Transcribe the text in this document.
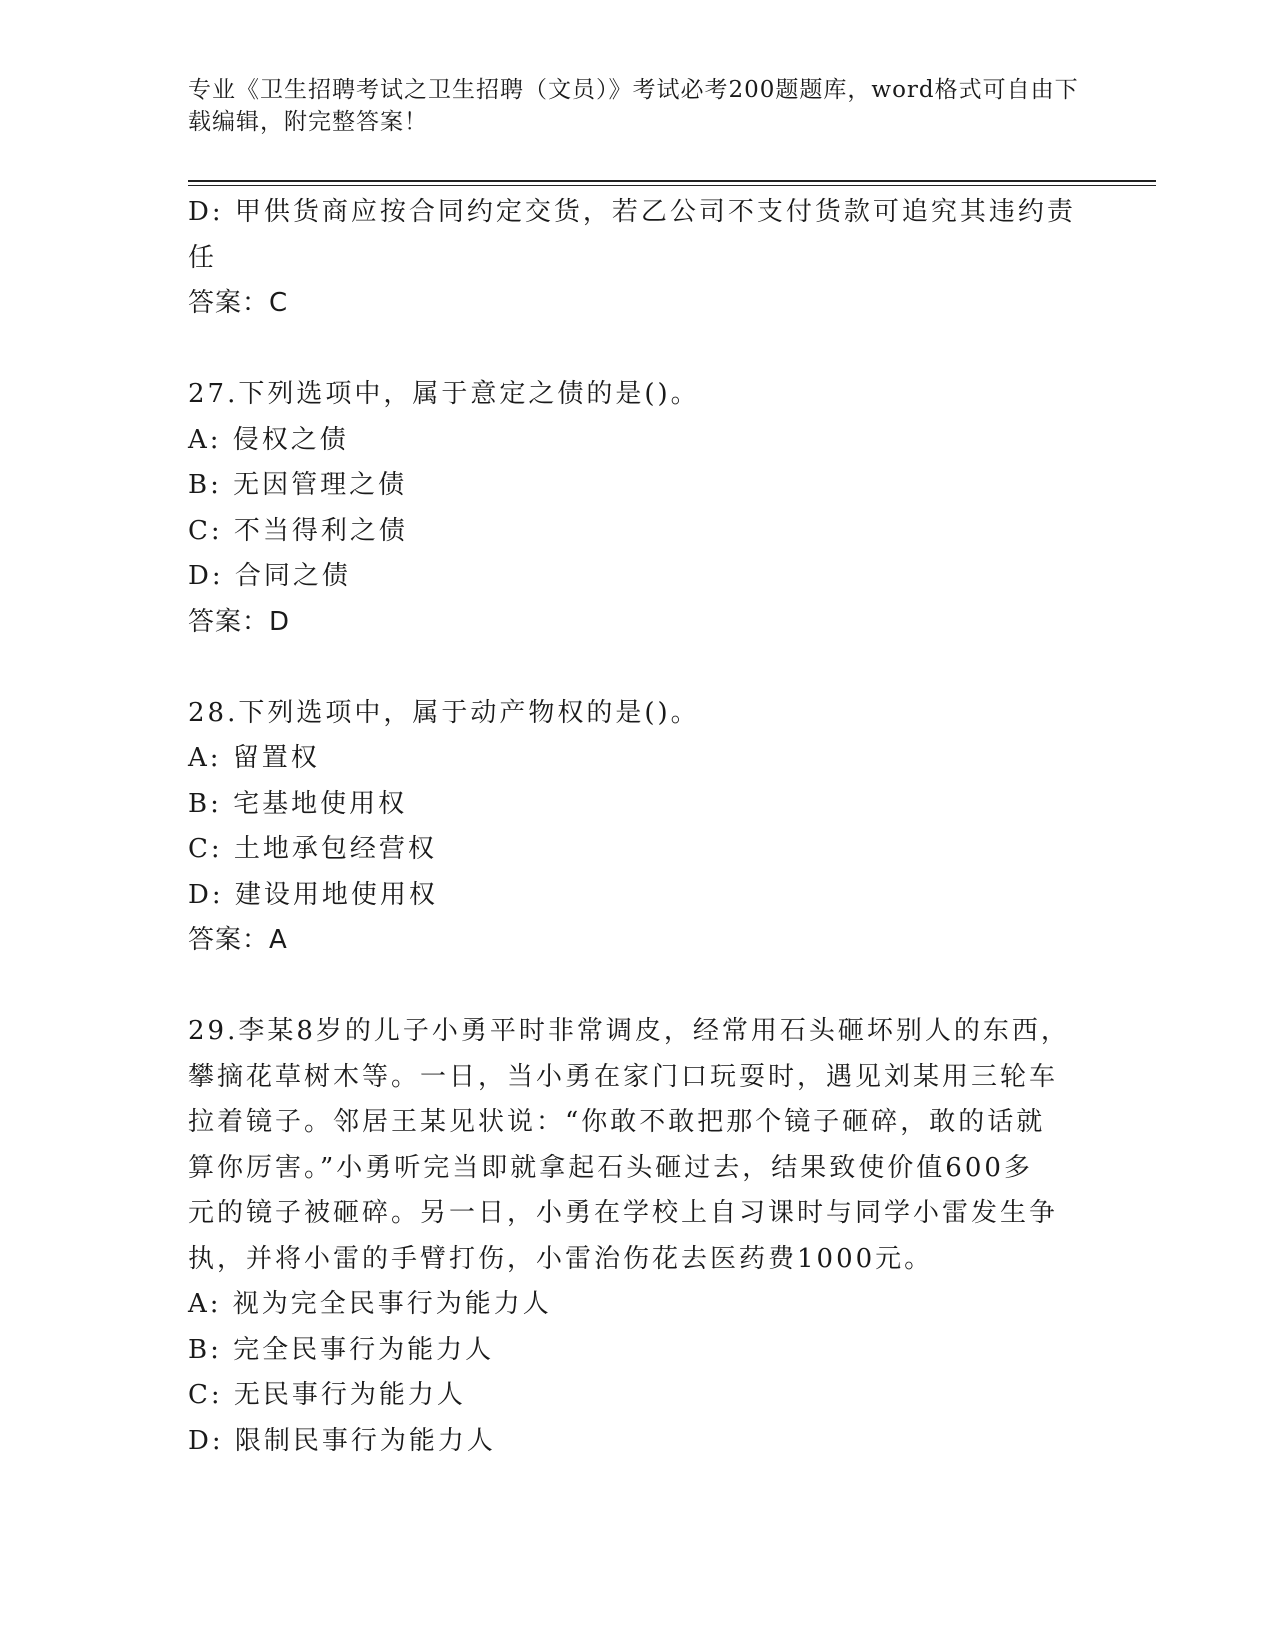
专业《卫生招聘考试之卫生招聘（文员）》考试必考200题题库，word格式可自由下载编辑，附完整答案！
D: 甲供货商应按合同约定交货，若乙公司不支付货款可追究其违约责
任
答案：C
27.下列选项中，属于意定之债的是()。
A: 侵权之债
B: 无因管理之债
C: 不当得利之债
D: 合同之债
答案：D
28.下列选项中，属于动产物权的是()。
A: 留置权
B: 宅基地使用权
C: 土地承包经营权
D: 建设用地使用权
答案：A
29.李某8岁的儿子小勇平时非常调皮，经常用石头砸坏别人的东西，
攀摘花草树木等。一日，当小勇在家门口玩耍时，遇见刘某用三轮车
拉着镜子。邻居王某见状说：“你敢不敢把那个镜子砸碎，敢的话就
算你厉害。”小勇听完当即就拿起石头砸过去，结果致使价值600多
元的镜子被砸碎。另一日，小勇在学校上自习课时与同学小雷发生争
执，并将小雷的手臂打伤，小雷治伤花去医药费1000元。
A: 视为完全民事行为能力人
B: 完全民事行为能力人
C: 无民事行为能力人
D: 限制民事行为能力人
